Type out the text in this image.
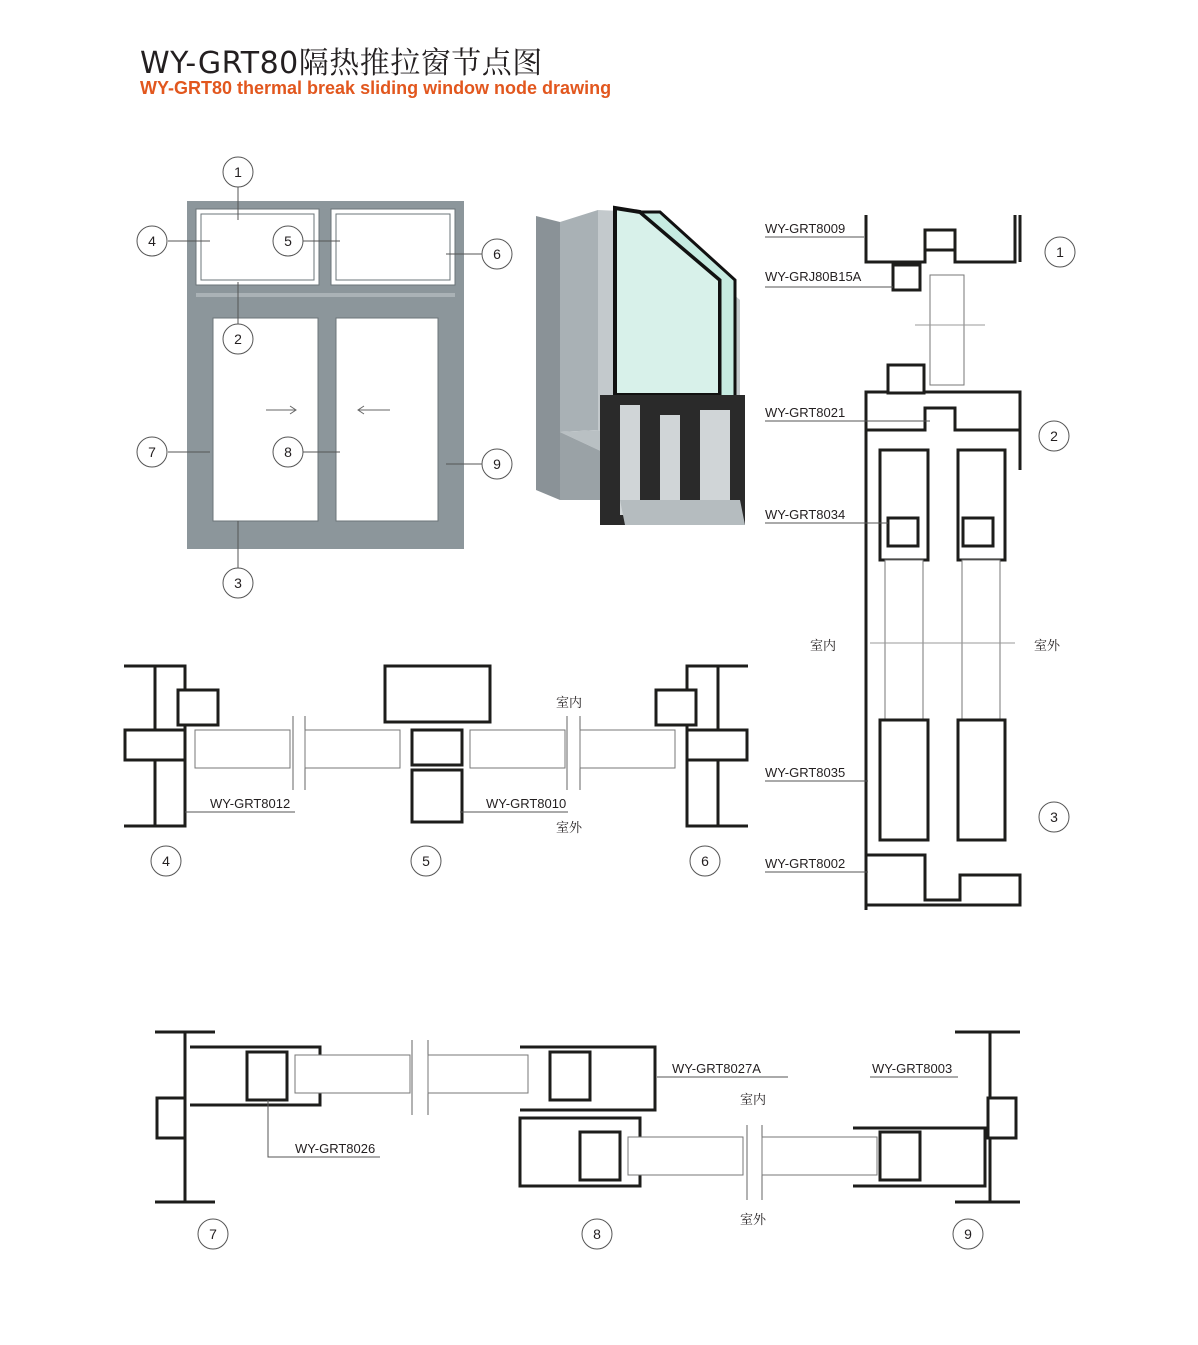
WY-GRT80隔热推拉窗节点图
WY-GRT80 thermal break sliding window node drawing
1
2
3
4	5
6
7	8
9
WY-GRT8009
WY-GRJ80B15A
WY-GRT8021
WY-GRT8034
WY-GRT8035
WY-GRT8002
室内	室外
1
2
3
WY-GRT8012	WY-GRT8010
室内
室外
4	5	6
WY-GRT8026
WY-GRT8027A	WY-GRT8003
室内
室外
7	8	9
